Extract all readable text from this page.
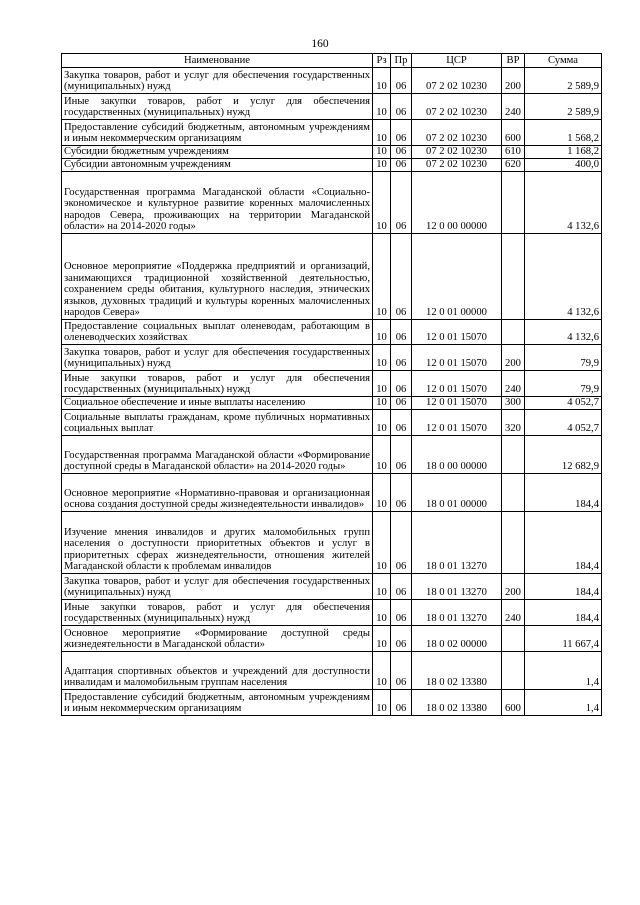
160
Наименование	Рз	Пр	ЦСР	ВР	Сумма
Закупка товаров, работ и услуг для обеспечения государственных (муниципальных) нужд	10	06	07 2 02 10230	200	2 589,9
Иные закупки товаров, работ и услуг для обеспечения государственных (муниципальных) нужд	10	06	07 2 02 10230	240	2 589,9
Предоставление субсидий бюджетным, автономным учреждениям и иным некоммерческим организациям	10	06	07 2 02 10230	600	1 568,2
Субсидии бюджетным учреждениям	10	06	07 2 02 10230	610	1 168,2
Субсидии автономным учреждениям	10	06	07 2 02 10230	620	400,0
Государственная программа Магаданской области «Социально-экономическое и культурное развитие коренных малочисленных народов Севера, проживающих на территории Магаданской области» на 2014-2020 годы»	10	06	12 0 00 00000		4 132,6
Основное мероприятие «Поддержка предприятий и организаций, занимающихся традиционной хозяйственной деятельностью, сохранением среды обитания, культурного наследия, этнических языков, духовных традиций и культуры коренных малочисленных народов Севера»	10	06	12 0 01 00000		4 132,6
Предоставление социальных выплат оленеводам, работающим в оленеводческих хозяйствах	10	06	12 0 01 15070		4 132,6
Закупка товаров, работ и услуг для обеспечения государственных (муниципальных) нужд	10	06	12 0 01 15070	200	79,9
Иные закупки товаров, работ и услуг для обеспечения государственных (муниципальных) нужд	10	06	12 0 01 15070	240	79,9
Социальное обеспечение и иные выплаты населению	10	06	12 0 01 15070	300	4 052,7
Социальные выплаты гражданам, кроме публичных нормативных социальных выплат	10	06	12 0 01 15070	320	4 052,7
Государственная программа Магаданской области «Формирование доступной среды в Магаданской области» на 2014-2020 годы»	10	06	18 0 00 00000		12 682,9
Основное мероприятие «Нормативно-правовая и организационная основа создания доступной среды жизнедеятельности инвалидов»	10	06	18 0 01 00000		184,4
Изучение мнения инвалидов и других маломобильных групп населения о доступности приоритетных объектов и услуг в приоритетных сферах жизнедеятельности, отношения жителей Магаданской области к проблемам инвалидов	10	06	18 0 01 13270		184,4
Закупка товаров, работ и услуг для обеспечения государственных (муниципальных) нужд	10	06	18 0 01 13270	200	184,4
Иные закупки товаров, работ и услуг для обеспечения государственных (муниципальных) нужд	10	06	18 0 01 13270	240	184,4
Основное мероприятие «Формирование доступной среды жизнедеятельности в Магаданской области»	10	06	18 0 02 00000		11 667,4
Адаптация спортивных объектов и учреждений для доступности инвалидам и маломобильным группам населения	10	06	18 0 02 13380		1,4
Предоставление субсидий бюджетным, автономным учреждениям и иным некоммерческим организациям	10	06	18 0 02 13380	600	1,4
